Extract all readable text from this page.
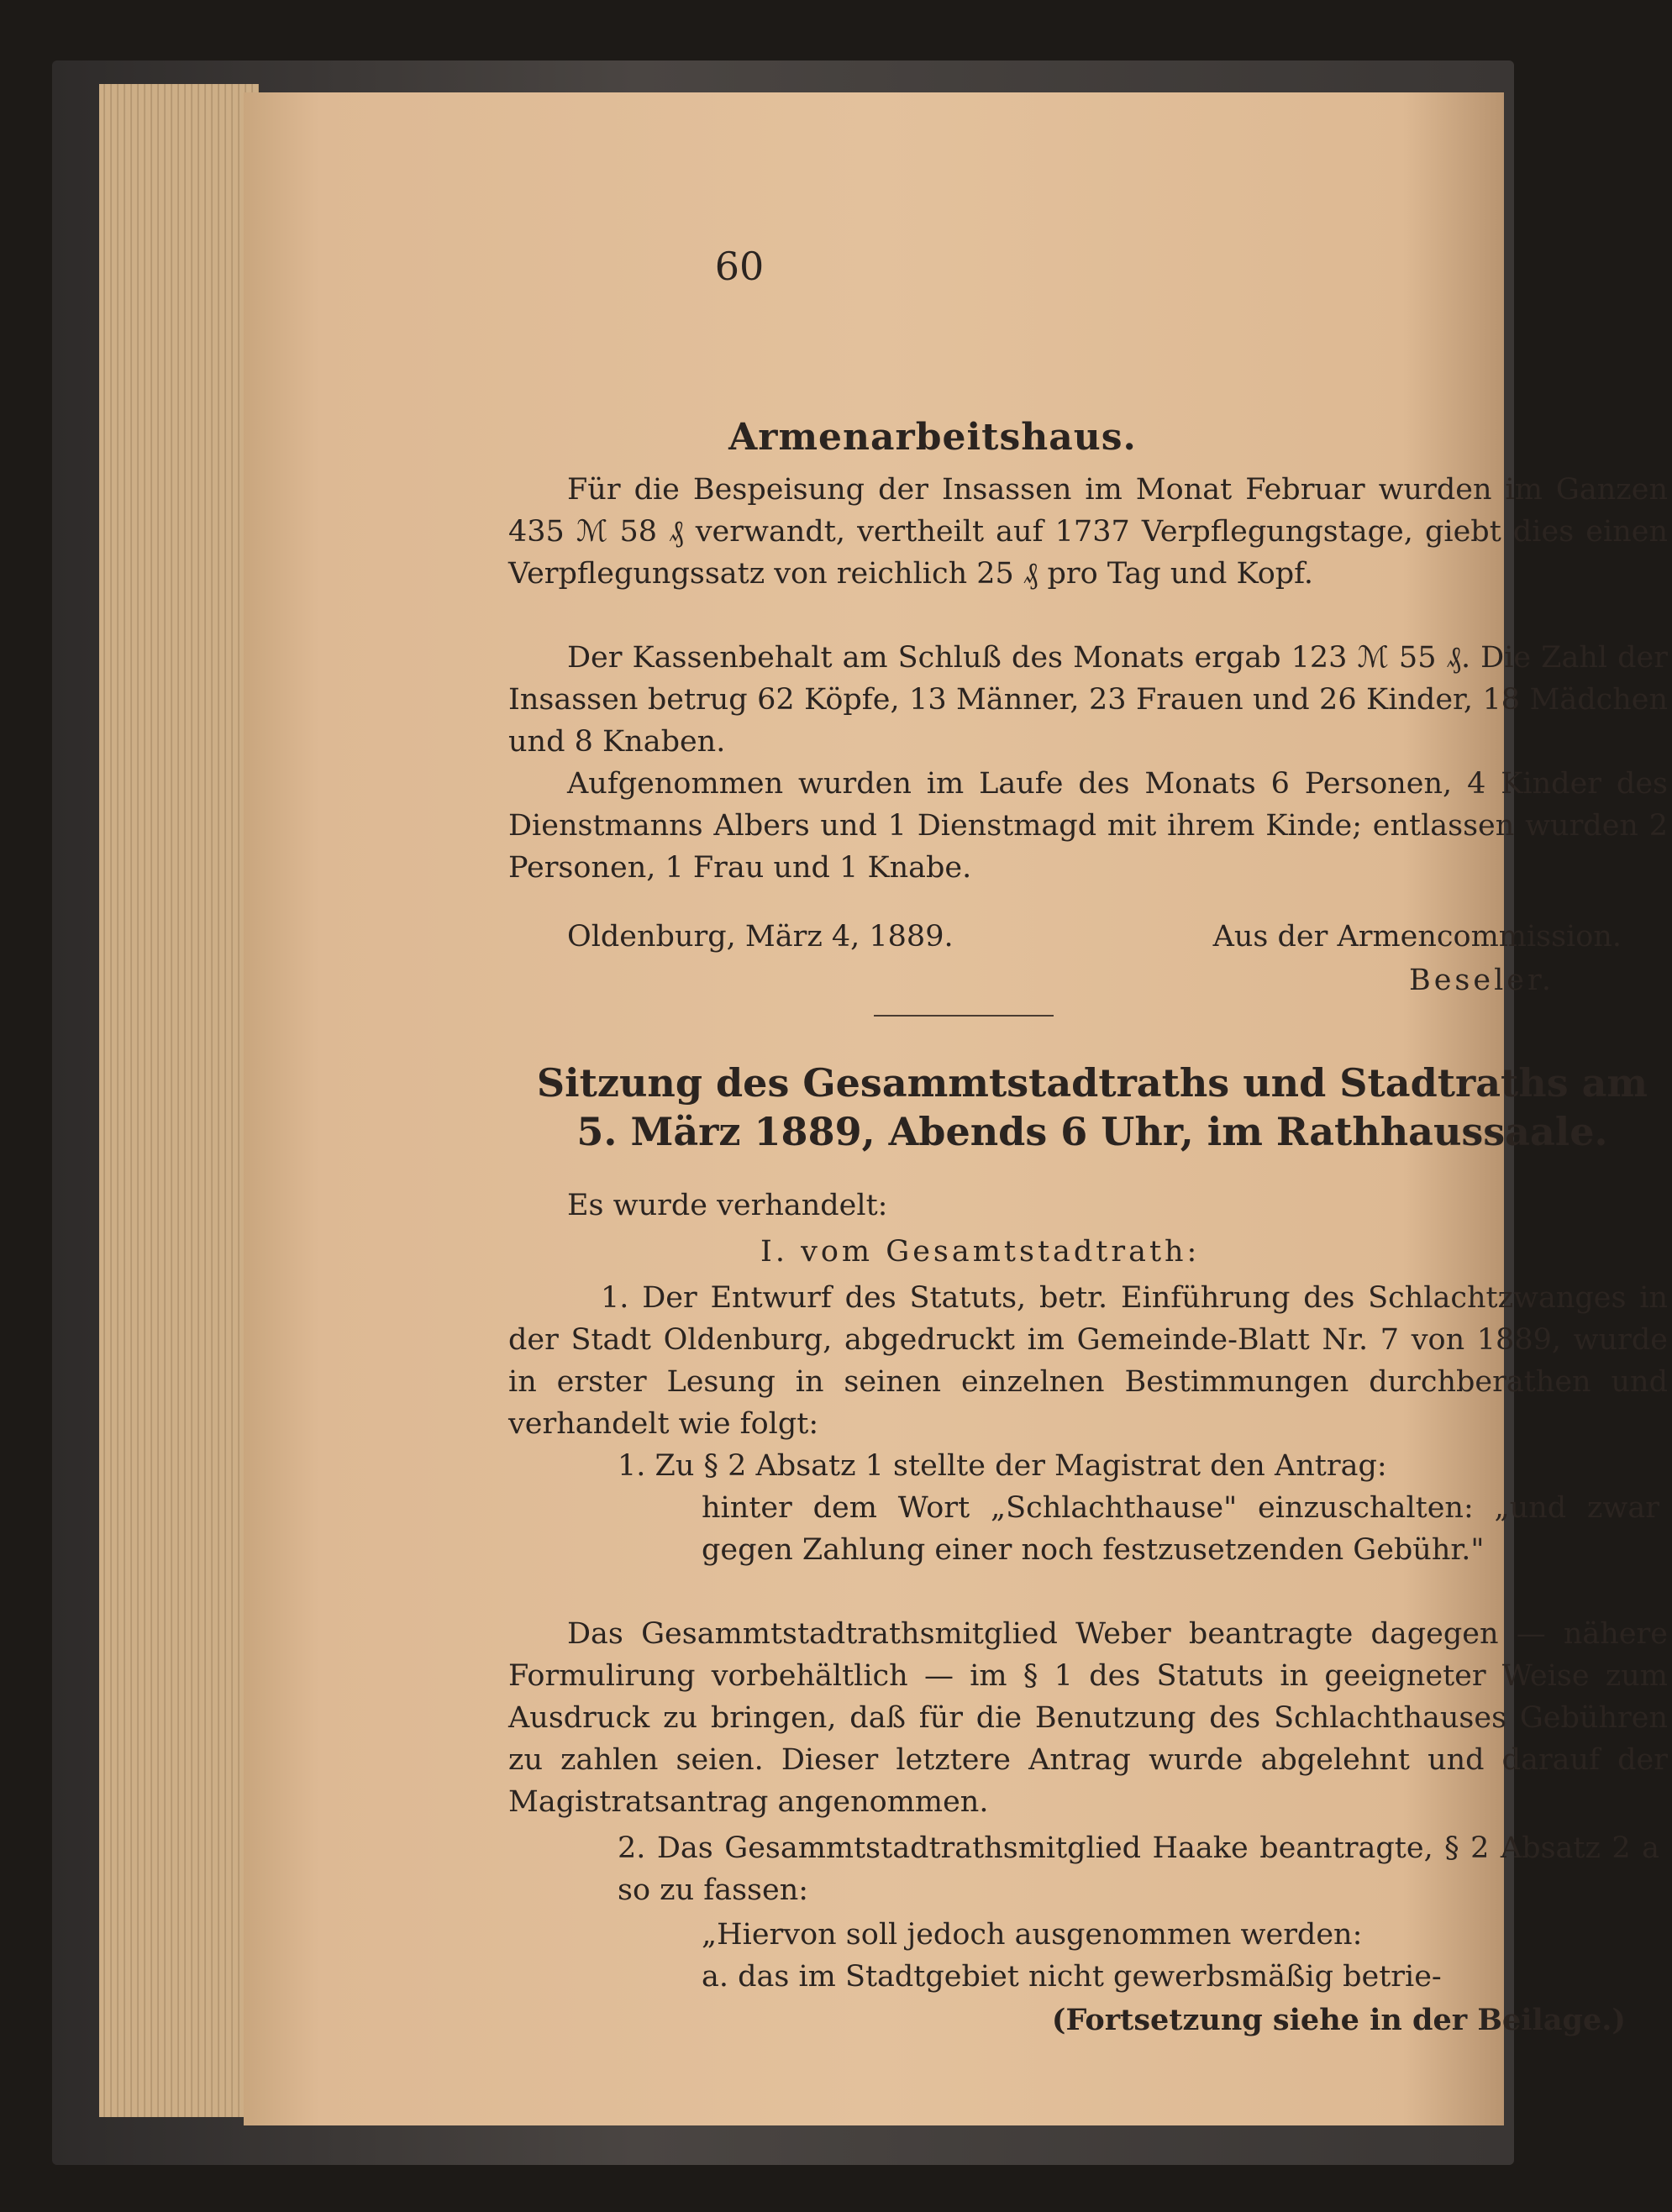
60
Armenarbeitshaus.
Für die Bespeisung der Insassen im Monat Februar wurden im Ganzen 435 ℳ 58 ₰ verwandt, vertheilt auf 1737 Verpflegungstage, giebt dies einen Verpflegungssatz von reichlich 25 ₰ pro Tag und Kopf.
Der Kassenbehalt am Schluß des Monats ergab 123 ℳ 55 ₰. Die Zahl der Insassen betrug 62 Köpfe, 13 Männer, 23 Frauen und 26 Kinder, 18 Mädchen und 8 Knaben.
Aufgenommen wurden im Laufe des Monats 6 Personen, 4 Kinder des Dienstmanns Albers und 1 Dienstmagd mit ihrem Kinde; entlassen wurden 2 Personen, 1 Frau und 1 Knabe.
Oldenburg, März 4, 1889.	Aus der Armencommission.
Beseler.
Sitzung des Gesammtstadtraths und Stadtraths am 5. März 1889, Abends 6 Uhr, im Rathhaussaale.
Es wurde verhandelt:
I. vom Gesamtstadtrath:
1. Der Entwurf des Statuts, betr. Einführung des Schlachtzwanges in der Stadt Oldenburg, abgedruckt im Gemeinde-Blatt Nr. 7 von 1889, wurde in erster Lesung in seinen einzelnen Bestimmungen durchberathen und verhandelt wie folgt:
1. Zu § 2 Absatz 1 stellte der Magistrat den Antrag:
hinter dem Wort „Schlachthause" einzuschalten: „und zwar gegen Zahlung einer noch festzusetzenden Gebühr."
Das Gesammtstadtrathsmitglied Weber beantragte dagegen — nähere Formulirung vorbehältlich — im § 1 des Statuts in geeigneter Weise zum Ausdruck zu bringen, daß für die Benutzung des Schlachthauses Gebühren zu zahlen seien. Dieser letztere Antrag wurde abgelehnt und darauf der Magistratsantrag angenommen.
2. Das Gesammtstadtrathsmitglied Haake beantragte, § 2 Absatz 2 a so zu fassen:
„Hiervon soll jedoch ausgenommen werden:
a. das im Stadtgebiet nicht gewerbsmäßig betrie-
(Fortsetzung siehe in der Beilage.)
